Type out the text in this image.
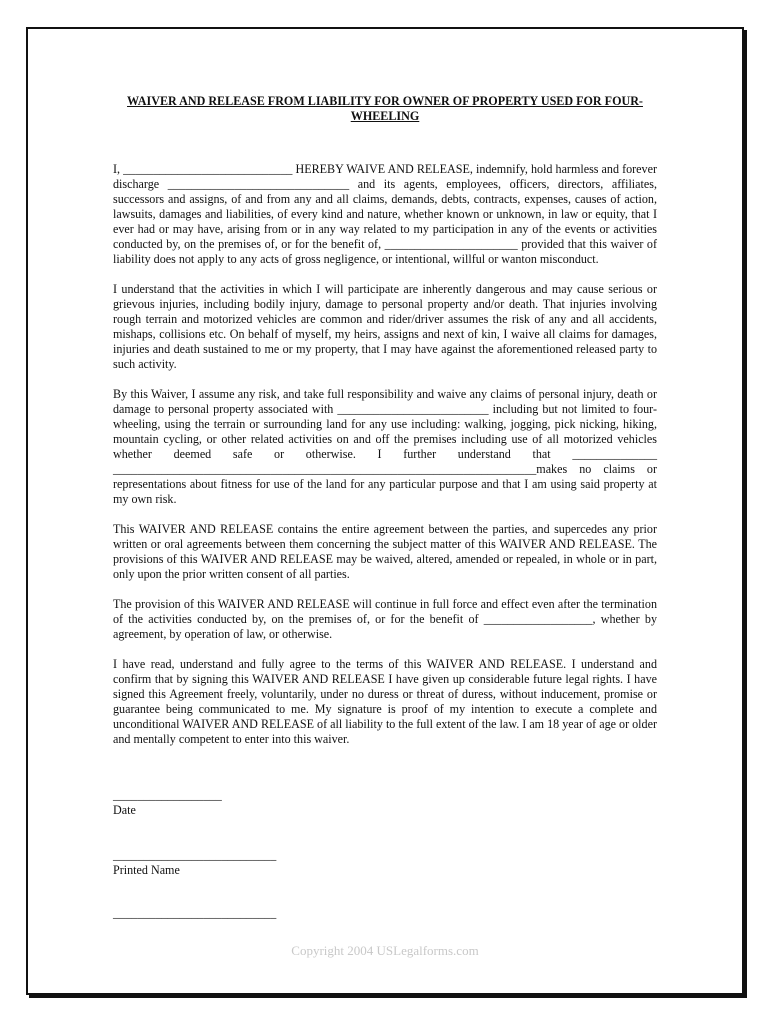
WAIVER AND RELEASE FROM LIABILITY FOR OWNER OF PROPERTY USED FOR FOUR-WHEELING

I, ____________________________ HEREBY WAIVE AND RELEASE, indemnify, hold harmless and forever discharge ______________________________ and its agents, employees, officers, directors, affiliates, successors and assigns, of and from any and all claims, demands, debts, contracts, expenses, causes of action, lawsuits, damages and liabilities, of every kind and nature, whether known or unknown, in law or equity, that I ever had or may have, arising from or in any way related to my participation in any of the events or activities conducted by, on the premises of, or for the benefit of, ______________________ provided that this waiver of liability does not apply to any acts of gross negligence, or intentional, willful or wanton misconduct.

I understand that the activities in which I will participate are inherently dangerous and may cause serious or grievous injuries, including bodily injury, damage to personal property and/or death. That injuries involving rough terrain and motorized vehicles are common and rider/driver assumes the risk of any and all accidents, mishaps, collisions etc. On behalf of myself, my heirs, assigns and next of kin, I waive all claims for damages, injuries and death sustained to me or my property, that I may have against the aforementioned released party to such activity.

By this Waiver, I assume any risk, and take full responsibility and waive any claims of personal injury, death or damage to personal property associated with _________________________ including but not limited to four-wheeling, using the terrain or surrounding land for any use including: walking, jogging, pick nicking, hiking, mountain cycling, or other related activities on and off the premises including use of all motorized vehicles whether deemed safe or otherwise. I further understand that ______________ ______________________________________________________________________makes no claims or representations about fitness for use of the land for any particular purpose and that I am using said property at my own risk.

This WAIVER AND RELEASE contains the entire agreement between the parties, and supercedes any prior written or oral agreements between them concerning the subject matter of this WAIVER AND RELEASE. The provisions of this WAIVER AND RELEASE may be waived, altered, amended or repealed, in whole or in part, only upon the prior written consent of all parties.

The provision of this WAIVER AND RELEASE will continue in full force and effect even after the termination of the activities conducted by, on the premises of, or for the benefit of __________________, whether by agreement, by operation of law, or otherwise.

I have read, understand and fully agree to the terms of this WAIVER AND RELEASE. I understand and confirm that by signing this WAIVER AND RELEASE I have given up considerable future legal rights. I have signed this Agreement freely, voluntarily, under no duress or threat of duress, without inducement, promise or guarantee being communicated to me. My signature is proof of my intention to execute a complete and unconditional WAIVER AND RELEASE of all liability to the full extent of the law. I am 18 year of age or older and mentally competent to enter into this waiver.

__________________
Date
___________________________
Printed Name
___________________________
Copyright 2004 USLegalforms.com
